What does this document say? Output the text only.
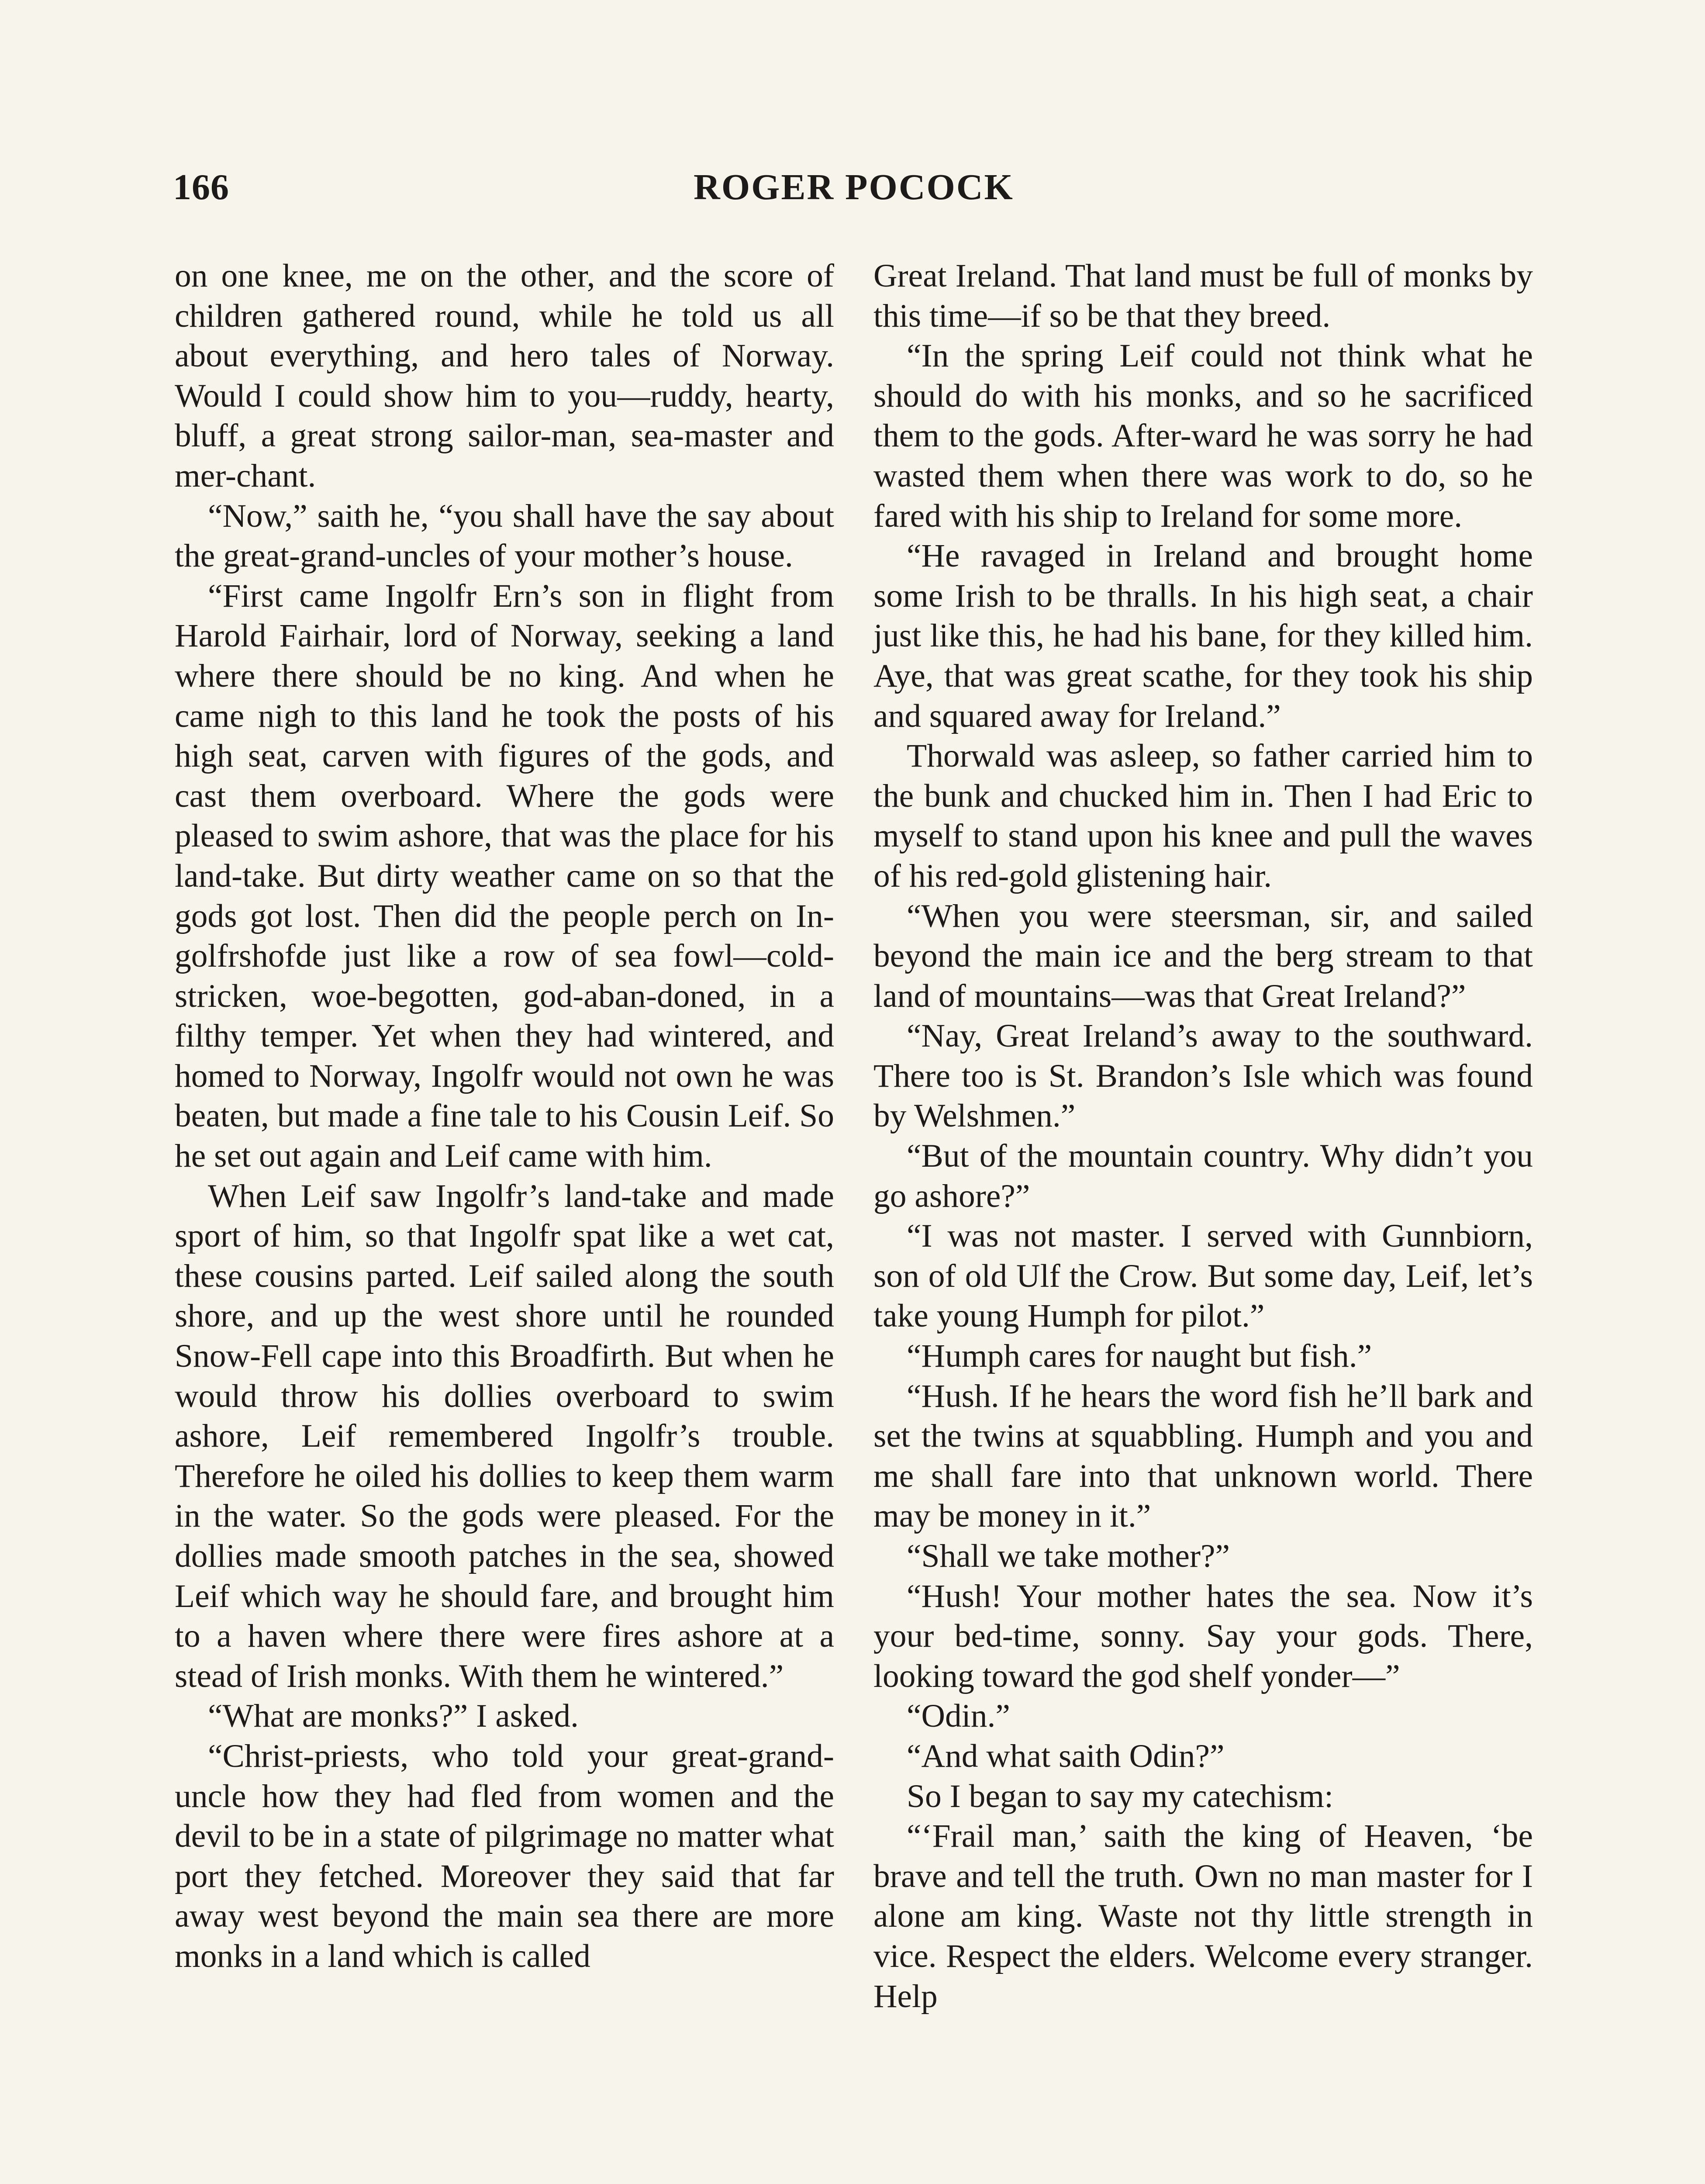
166	ROGER POCOCK

on one knee, me on the other, and the score of children gathered round, while he told us all about everything, and hero tales of Norway. Would I could show him to you—ruddy, hearty, bluff, a great strong sailor-man, sea-master and mer-chant.

“Now,” saith he, “you shall have the say about the great-grand-uncles of your mother’s house.

“First came Ingolfr Ern’s son in flight from Harold Fairhair, lord of Norway, seeking a land where there should be no king. And when he came nigh to this land he took the posts of his high seat, carven with figures of the gods, and cast them overboard. Where the gods were pleased to swim ashore, that was the place for his land-take. But dirty weather came on so that the gods got lost. Then did the people perch on In-golfrshofde just like a row of sea fowl—cold-stricken, woe-begotten, god-aban-doned, in a filthy temper. Yet when they had wintered, and homed to Norway, Ingolfr would not own he was beaten, but made a fine tale to his Cousin Leif. So he set out again and Leif came with him.

When Leif saw Ingolfr’s land-take and made sport of him, so that Ingolfr spat like a wet cat, these cousins parted. Leif sailed along the south shore, and up the west shore until he rounded Snow-Fell cape into this Broadfirth. But when he would throw his dollies overboard to swim ashore, Leif remembered Ingolfr’s trouble. Therefore he oiled his dollies to keep them warm in the water. So the gods were pleased. For the dollies made smooth patches in the sea, showed Leif which way he should fare, and brought him to a haven where there were fires ashore at a stead of Irish monks. With them he wintered.”

“What are monks?” I asked.

“Christ-priests, who told your great-grand-uncle how they had fled from women and the devil to be in a state of pilgrimage no matter what port they fetched. Moreover they said that far away west beyond the main sea there are more monks in a land which is called

Great Ireland. That land must be full of monks by this time—if so be that they breed.

“In the spring Leif could not think what he should do with his monks, and so he sacrificed them to the gods. After-ward he was sorry he had wasted them when there was work to do, so he fared with his ship to Ireland for some more.

“He ravaged in Ireland and brought home some Irish to be thralls. In his high seat, a chair just like this, he had his bane, for they killed him. Aye, that was great scathe, for they took his ship and squared away for Ireland.”

Thorwald was asleep, so father carried him to the bunk and chucked him in. Then I had Eric to myself to stand upon his knee and pull the waves of his red-gold glistening hair.

“When you were steersman, sir, and sailed beyond the main ice and the berg stream to that land of mountains—was that Great Ireland?”

“Nay, Great Ireland’s away to the southward. There too is St. Brandon’s Isle which was found by Welshmen.”

“But of the mountain country. Why didn’t you go ashore?”

“I was not master. I served with Gunnbiorn, son of old Ulf the Crow. But some day, Leif, let’s take young Humph for pilot.”

“Humph cares for naught but fish.”

“Hush. If he hears the word fish he’ll bark and set the twins at squabbling. Humph and you and me shall fare into that unknown world. There may be money in it.”

“Shall we take mother?”

“Hush! Your mother hates the sea. Now it’s your bed-time, sonny. Say your gods. There, looking toward the god shelf yonder—”

“Odin.”

“And what saith Odin?”

So I began to say my catechism:

“‘Frail man,’ saith the king of Heaven, ‘be brave and tell the truth. Own no man master for I alone am king. Waste not thy little strength in vice. Respect the elders. Welcome every stranger. Help
